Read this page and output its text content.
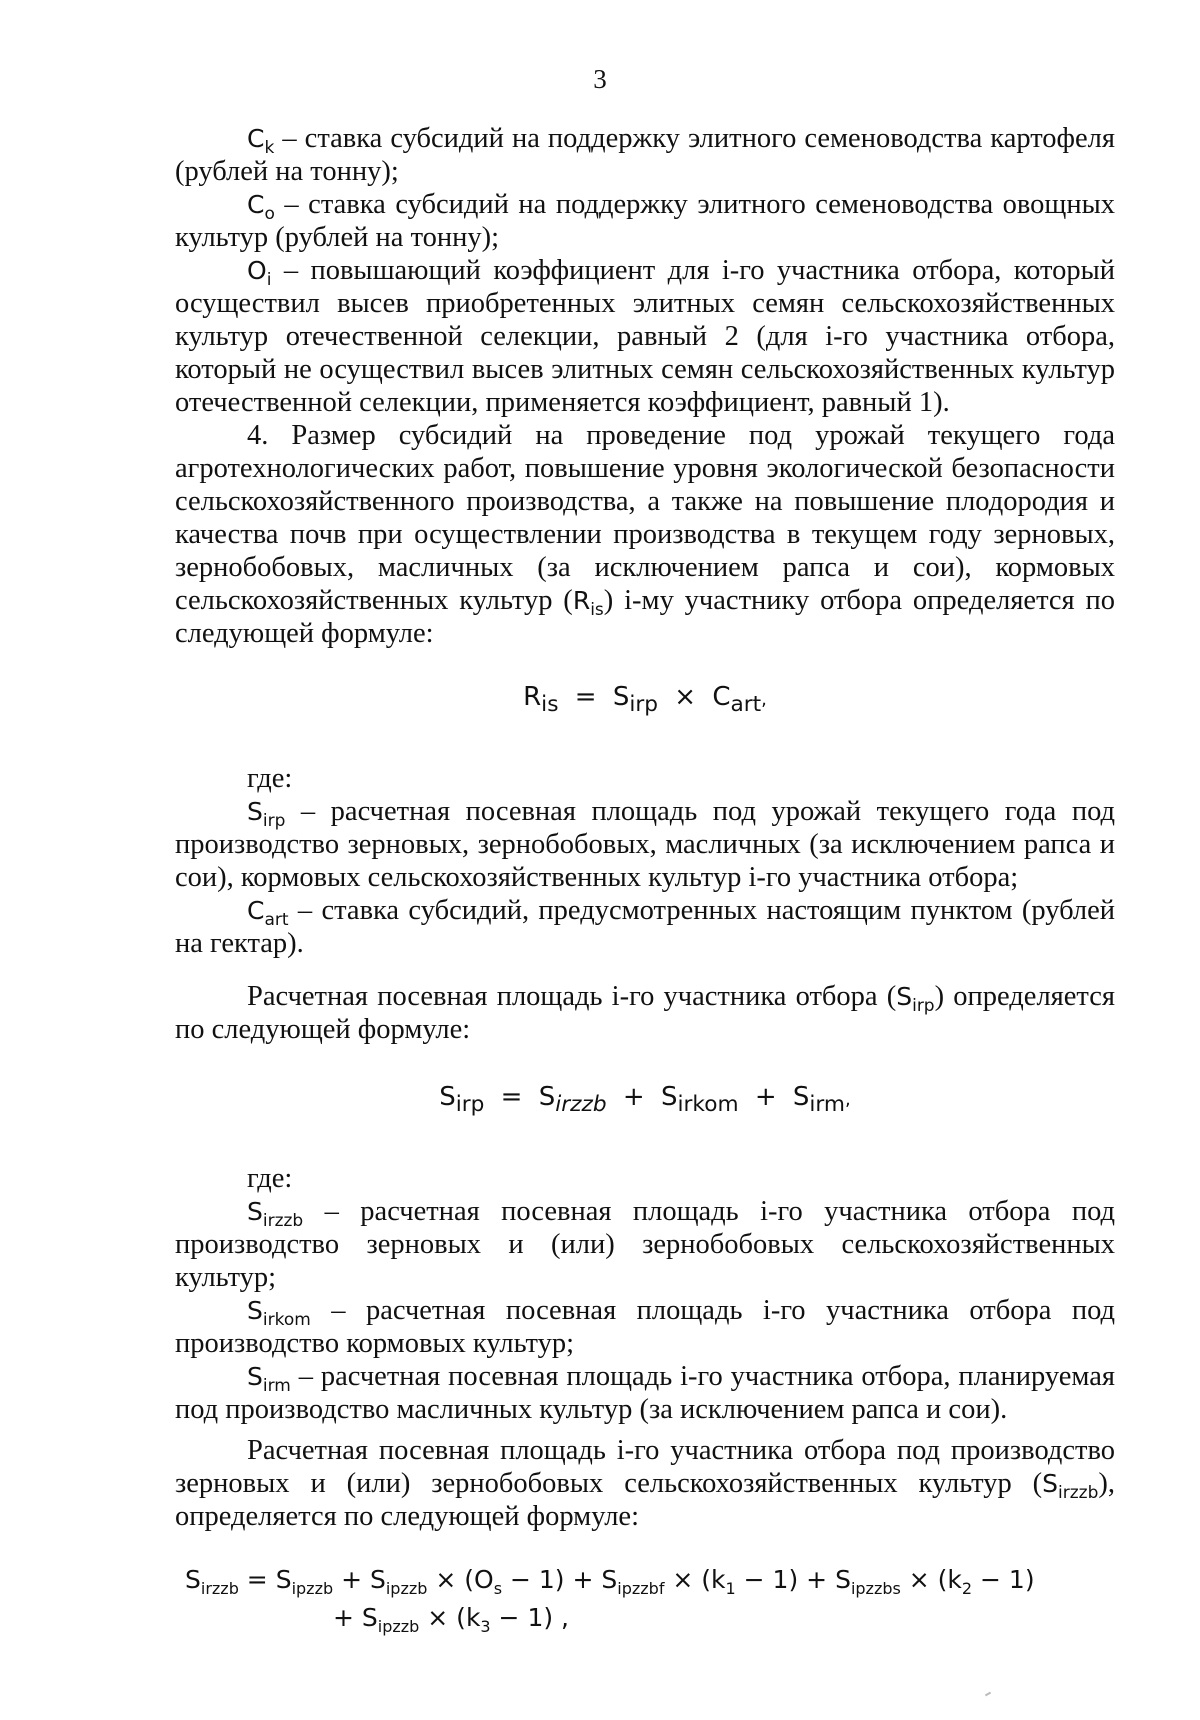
3

$C_k$ – ставка субсидий на поддержку элитного семеноводства картофеля (рублей на тонну);

$C_o$ – ставка субсидий на поддержку элитного семеноводства овощных культур (рублей на тонну);

$O_i$ – повышающий коэффициент для i-го участника отбора, который осуществил высев приобретенных элитных семян сельскохозяйственных культур отечественной селекции, равный 2 (для i-го участника отбора, который не осуществил высев элитных семян сельскохозяйственных культур отечественной селекции, применяется коэффициент, равный 1).

4. Размер субсидий на проведение под урожай текущего года агротехнологических работ, повышение уровня экологической безопасности сельскохозяйственного производства, а также на повышение плодородия и качества почв при осуществлении производства в текущем году зерновых, зернобобовых, масличных (за исключением рапса и сои), кормовых сельскохозяйственных культур $(R_{is})$ i-му участнику отбора определяется по следующей формуле:

$R_{is} = S_{irp} \times C_{art}$,

где:

$S_{irp}$ – расчетная посевная площадь под урожай текущего года под производство зерновых, зернобобовых, масличных (за исключением рапса и сои), кормовых сельскохозяйственных культур i-го участника отбора;

$C_{art}$ – ставка субсидий, предусмотренных настоящим пунктом (рублей на гектар).

Расчетная посевная площадь i-го участника отбора $(S_{irp})$ определяется по следующей формуле:

$S_{irp} = S_{irzzb} + S_{irkom} + S_{irm}$,

где:

$S_{irzzb}$ – расчетная посевная площадь i-го участника отбора под производство зерновых и (или) зернобобовых сельскохозяйственных культур;

$S_{irkom}$ – расчетная посевная площадь i-го участника отбора под производство кормовых культур;

$S_{irm}$ – расчетная посевная площадь i-го участника отбора, планируемая под производство масличных культур (за исключением рапса и сои).

Расчетная посевная площадь i-го участника отбора под производство зерновых и (или) зернобобовых сельскохозяйственных культур $(S_{irzzb})$, определяется по следующей формуле:

$S_{irzzb} = S_{ipzzb} + S_{ipzzb} \times (O_s - 1) + S_{ipzzbf} \times (k_1 - 1) + S_{ipzzbs} \times (k_2 - 1)$
+ $S_{ipzzb} \times (k_3 - 1)$ ,
